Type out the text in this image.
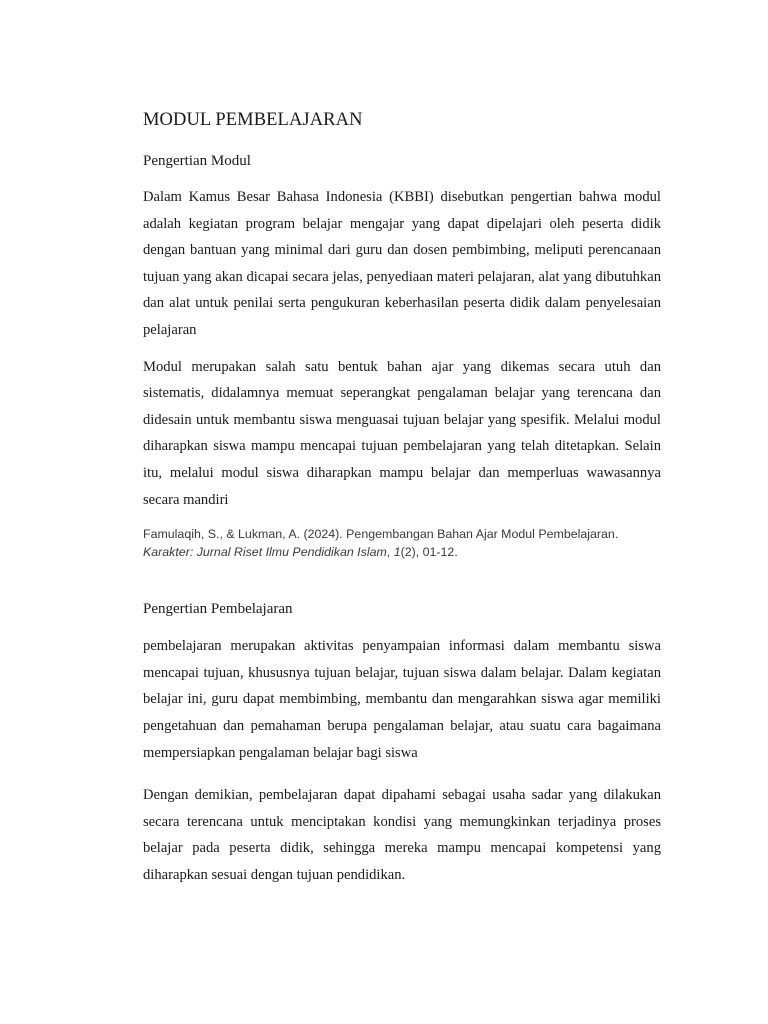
MODUL PEMBELAJARAN
Pengertian Modul

Dalam Kamus Besar Bahasa Indonesia (KBBI) disebutkan pengertian bahwa modul adalah kegiatan program belajar mengajar yang dapat dipelajari oleh peserta didik dengan bantuan yang minimal dari guru dan dosen pembimbing, meliputi perencanaan tujuan yang akan dicapai secara jelas, penyediaan materi pelajaran, alat yang dibutuhkan dan alat untuk penilai serta pengukuran keberhasilan peserta didik dalam penyelesaian pelajaran

Modul merupakan salah satu bentuk bahan ajar yang dikemas secara utuh dan sistematis, didalamnya memuat seperangkat pengalaman belajar yang terencana dan didesain untuk membantu siswa menguasai tujuan belajar yang spesifik. Melalui modul diharapkan siswa mampu mencapai tujuan pembelajaran yang telah ditetapkan. Selain itu, melalui modul siswa diharapkan mampu belajar dan memperluas wawasannya secara mandiri

Famulaqih, S., & Lukman, A. (2024). Pengembangan Bahan Ajar Modul Pembelajaran. Karakter: Jurnal Riset Ilmu Pendidikan Islam, 1(2), 01-12.

Pengertian Pembelajaran

pembelajaran merupakan aktivitas penyampaian informasi dalam membantu siswa mencapai tujuan, khususnya tujuan belajar, tujuan siswa dalam belajar. Dalam kegiatan belajar ini, guru dapat membimbing, membantu dan mengarahkan siswa agar memiliki pengetahuan dan pemahaman berupa pengalaman belajar, atau suatu cara bagaimana mempersiapkan pengalaman belajar bagi siswa

Dengan demikian, pembelajaran dapat dipahami sebagai usaha sadar yang dilakukan secara terencana untuk menciptakan kondisi yang memungkinkan terjadinya proses belajar pada peserta didik, sehingga mereka mampu mencapai kompetensi yang diharapkan sesuai dengan tujuan pendidikan.
